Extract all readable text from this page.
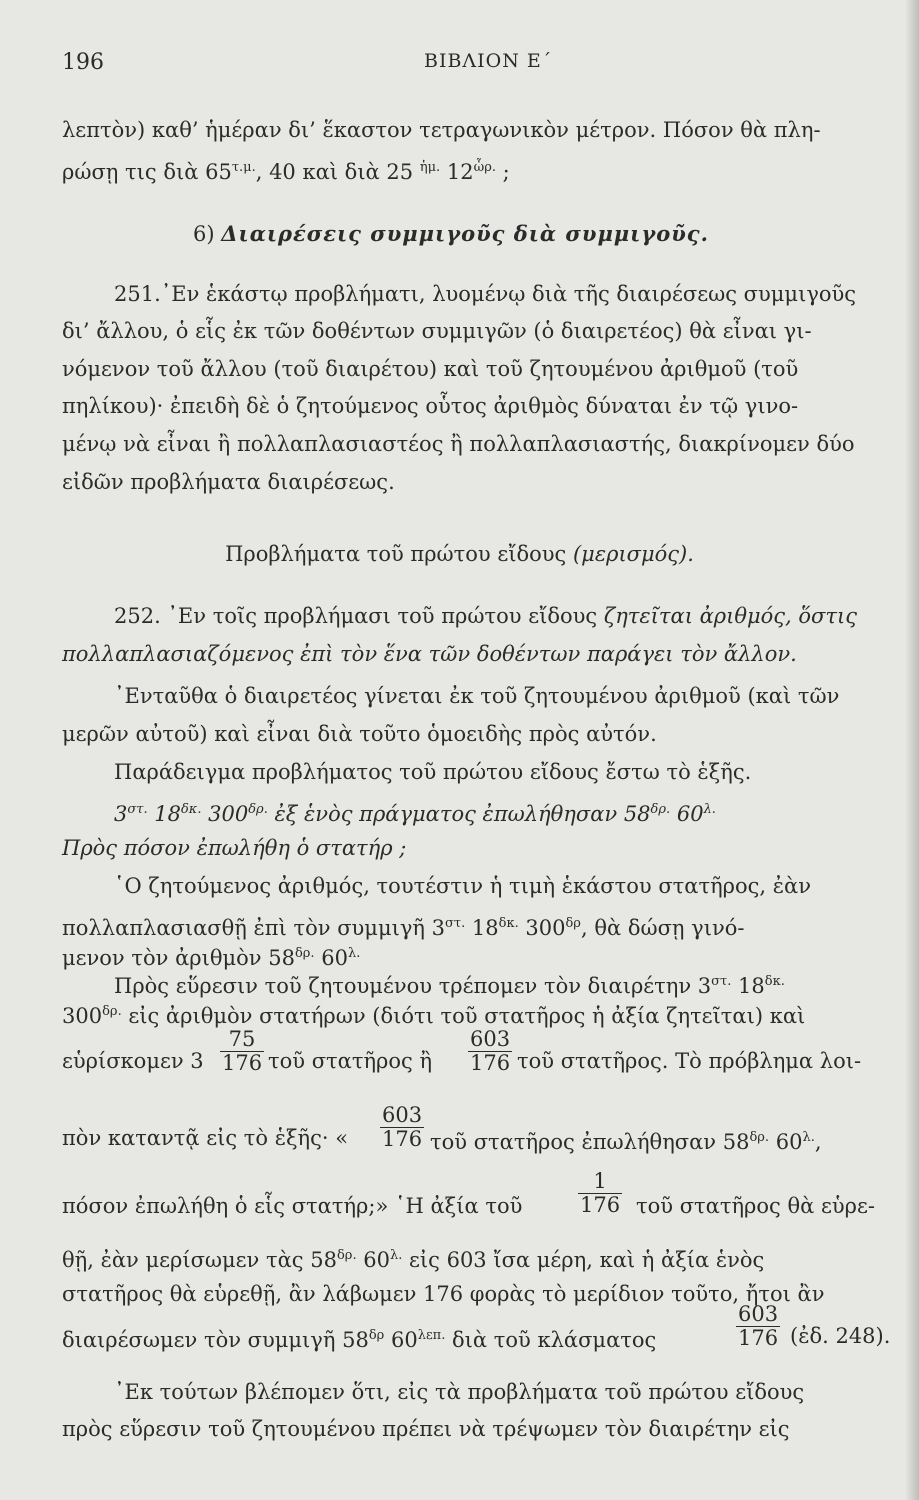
196	ΒΙΒΛΙΟΝ Ε΄
λεπτὸν) καθ’ ἡμέραν δι’ ἕκαστον τετραγωνικὸν μέτρον. Πόσον θὰ πλη-
ρώσῃ τις διὰ $65^{\tau.\mu.}$, 40 καὶ διὰ 25 $^{ἡ\mu.}$ $12^{ὧ\rho.}$ ;
6) Διαιρέσεις συμμιγοῦς διὰ συμμιγοῦς.
251.᾽Εν ἑκάστῳ προβλήματι, λυομένῳ διὰ τῆς διαιρέσεως συμμιγοῦς
δι’ ἄλλου, ὁ εἷς ἐκ τῶν δοθέντων συμμιγῶν (ὁ διαιρετέος) θὰ εἶναι γι-
νόμενον τοῦ ἄλλου (τοῦ διαιρέτου) καὶ τοῦ ζητουμένου ἀριθμοῦ (τοῦ
πηλίκου)· ἐπειδὴ δὲ ὁ ζητούμενος οὗτος ἀριθμὸς δύναται ἐν τῷ γινο-
μένῳ νὰ εἶναι ἢ πολλαπλασιαστέος ἢ πολλαπλασιαστής, διακρίνομεν δύο
εἰδῶν προβλήματα διαιρέσεως.
Προβλήματα τοῦ πρώτου εἴδους (μερισμός).
252. ᾽Εν τοῖς προβλήμασι τοῦ πρώτου εἴδους ζητεῖται ἀριθμός, ὅστις
πολλαπλασιαζόμενος ἐπὶ τὸν ἕνα τῶν δοθέντων παράγει τὸν ἄλλον.
᾽Ενταῦθα ὁ διαιρετέος γίνεται ἐκ τοῦ ζητουμένου ἀριθμοῦ (καὶ τῶν
μερῶν αὐτοῦ) καὶ εἶναι διὰ τοῦτο ὁμοειδὴς πρὸς αὐτόν.
Παράδειγμα προβλήματος τοῦ πρώτου εἴδους ἔστω τὸ ἑξῆς.
$3^{\sigma\tau.}$ $18^{\delta\kappa.}$ $300^{\delta\rho.}$ ἐξ ἑνὸς πράγματος ἐπωλήθησαν $58^{\delta\rho.}$ $60^{\lambda.}$
Πρὸς πόσον ἐπωλήθη ὁ στατήρ ;
῾Ο ζητούμενος ἀριθμός, τουτέστιν ἡ τιμὴ ἑκάστου στατῆρος, ἐὰν
πολλαπλασιασθῇ ἐπὶ τὸν συμμιγῆ $3^{\sigma\tau.}$ $18^{\delta\kappa.}$ $300^{\delta\rho}$, θὰ δώσῃ γινό-
μενον τὸν ἀριθμὸν $58^{\delta\rho.}$ $60^{\lambda.}$
Πρὸς εὕρεσιν τοῦ ζητουμένου τρέπομεν τὸν διαιρέτην $3^{\sigma\tau.}$ $18^{\delta\kappa.}$
$300^{\delta\rho.}$ εἰς ἀριθμὸν στατήρων (διότι τοῦ στατῆρος ἡ ἀξία ζητεῖται) καὶ
εὑρίσκομεν $3 \frac{75}{176}$ τοῦ στατῆρος ἢ $\frac{603}{176}$ τοῦ στατῆρος. Τὸ πρόβλημα λοι-
πὸν καταντᾷ εἰς τὸ ἑξῆς· « $\frac{603}{176}$ τοῦ στατῆρος ἐπωλήθησαν $58^{\delta\rho.}$ $60^{\lambda.}$,
πόσον ἐπωλήθη ὁ εἷς στατήρ;» ῾Η ἀξία τοῦ	$\frac{1}{176}$ τοῦ στατῆρος θὰ εὑρε-
θῇ, ἐὰν μερίσωμεν τὰς $58^{\delta\rho.}$ $60^{\lambda.}$ εἰς 603 ἴσα μέρη, καὶ ἡ ἀξία ἑνὸς
στατῆρος θὰ εὑρεθῇ, ἂν λάβωμεν 176 φορὰς τὸ μερίδιον τοῦτο, ἤτοι ἂν
διαιρέσωμεν τὸν συμμιγῆ $58^{\delta\rho}$ $60^{\lambda\varepsilon\pi.}$ διὰ τοῦ κλάσματος	$\frac{603}{176}$ (ἐδ. 248).
᾽Εκ τούτων βλέπομεν ὅτι, εἰς τὰ προβλήματα τοῦ πρώτου εἴδους
πρὸς εὕρεσιν τοῦ ζητουμένου πρέπει νὰ τρέψωμεν τὸν διαιρέτην εἰς
